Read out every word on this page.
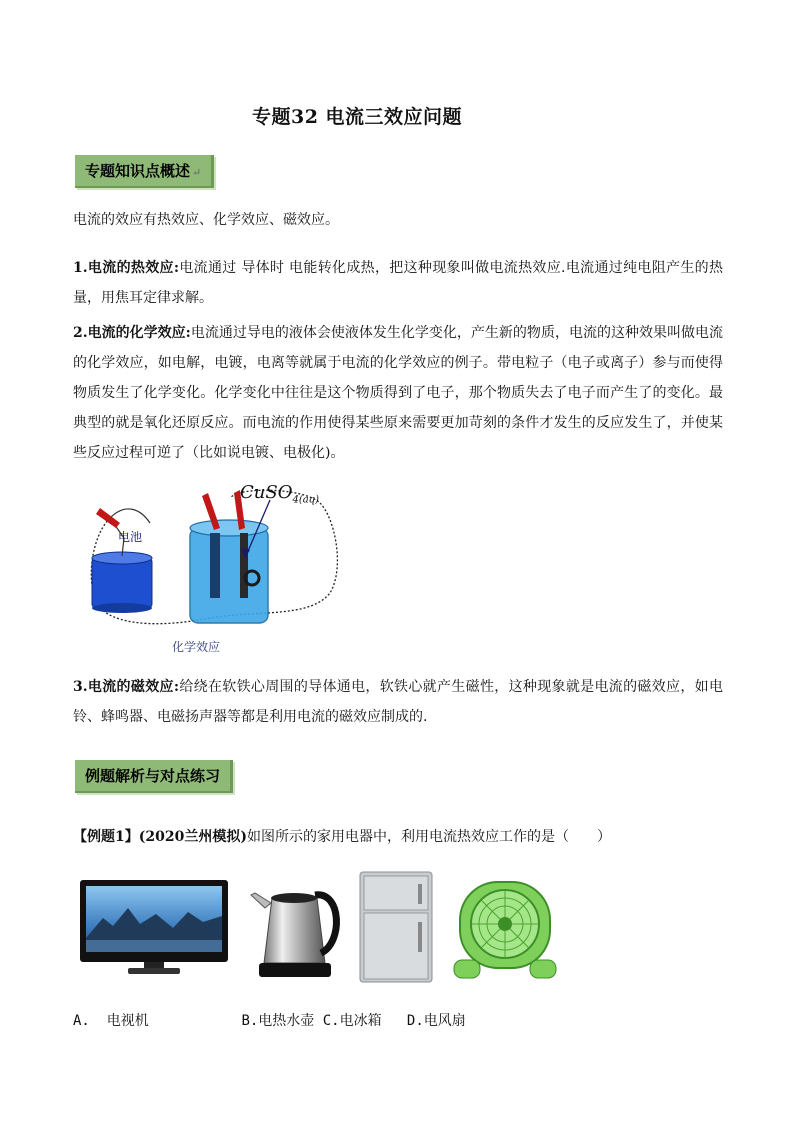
专题32 电流三效应问题
专题知识点概述 ↵
电流的效应有热效应、化学效应、磁效应。
1.电流的热效应:电流通过 导体时 电能转化成热，把这种现象叫做电流热效应.电流通过纯电阻产生的热量，用焦耳定律求解。
2.电流的化学效应:电流通过导电的液体会使液体发生化学变化，产生新的物质，电流的这种效果叫做电流的化学效应，如电解，电镀，电离等就属于电流的化学效应的例子。带电粒子（电子或离子）参与而使得物质发生了化学变化。化学变化中往往是这个物质得到了电子，那个物质失去了电子而产生了的变化。最典型的就是氧化还原反应。而电流的作用使得某些原来需要更加苛刻的条件才发生的反应发生了，并使某些反应过程可逆了（比如说电镀、电极化)。
电池
CuSO$_{4(aq)}$
化学效应
3.电流的磁效应:给绕在软铁心周围的导体通电，软铁心就产生磁性，这种现象就是电流的磁效应，如电铃、蜂鸣器、电磁扬声器等都是利用电流的磁效应制成的.
例题解析与对点练习
【例题1】(2020兰州模拟)如图所示的家用电器中，利用电流热效应工作的是（　　）
A.  电视机	B.电热水壶 C.电冰箱 D.电风扇
